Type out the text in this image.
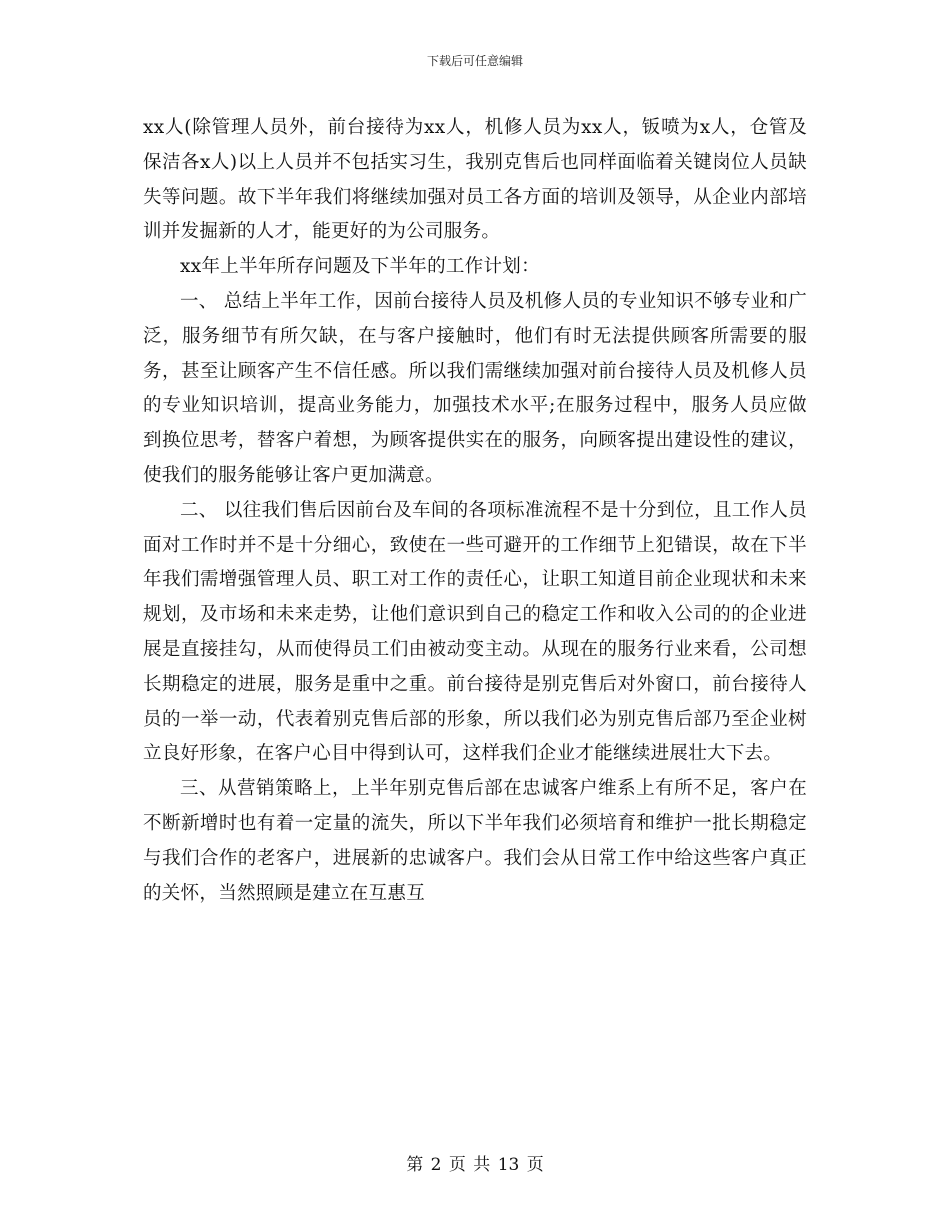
下载后可任意编辑

xx人(除管理人员外，前台接待为xx人，机修人员为xx人，钣喷为x人，仓管及保洁各x人)以上人员并不包括实习生，我别克售后也同样面临着关键岗位人员缺失等问题。故下半年我们将继续加强对员工各方面的培训及领导，从企业内部培训并发掘新的人才，能更好的为公司服务。

xx年上半年所存问题及下半年的工作计划：

一、 总结上半年工作，因前台接待人员及机修人员的专业知识不够专业和广泛，服务细节有所欠缺，在与客户接触时，他们有时无法提供顾客所需要的服务，甚至让顾客产生不信任感。所以我们需继续加强对前台接待人员及机修人员的专业知识培训，提高业务能力，加强技术水平;在服务过程中，服务人员应做到换位思考，替客户着想，为顾客提供实在的服务，向顾客提出建设性的建议，使我们的服务能够让客户更加满意。

二、 以往我们售后因前台及车间的各项标准流程不是十分到位，且工作人员面对工作时并不是十分细心，致使在一些可避开的工作细节上犯错误，故在下半年我们需增强管理人员、职工对工作的责任心，让职工知道目前企业现状和未来规划，及市场和未来走势，让他们意识到自己的稳定工作和收入公司的的企业进展是直接挂勾，从而使得员工们由被动变主动。从现在的服务行业来看，公司想长期稳定的进展，服务是重中之重。前台接待是别克售后对外窗口，前台接待人员的一举一动，代表着别克售后部的形象，所以我们必为别克售后部乃至企业树立良好形象，在客户心目中得到认可，这样我们企业才能继续进展壮大下去。

三、从营销策略上，上半年别克售后部在忠诚客户维系上有所不足，客户在不断新增时也有着一定量的流失，所以下半年我们必须培育和维护一批长期稳定与我们合作的老客户，进展新的忠诚客户。我们会从日常工作中给这些客户真正的关怀，当然照顾是建立在互惠互

第 2 页 共 13 页
